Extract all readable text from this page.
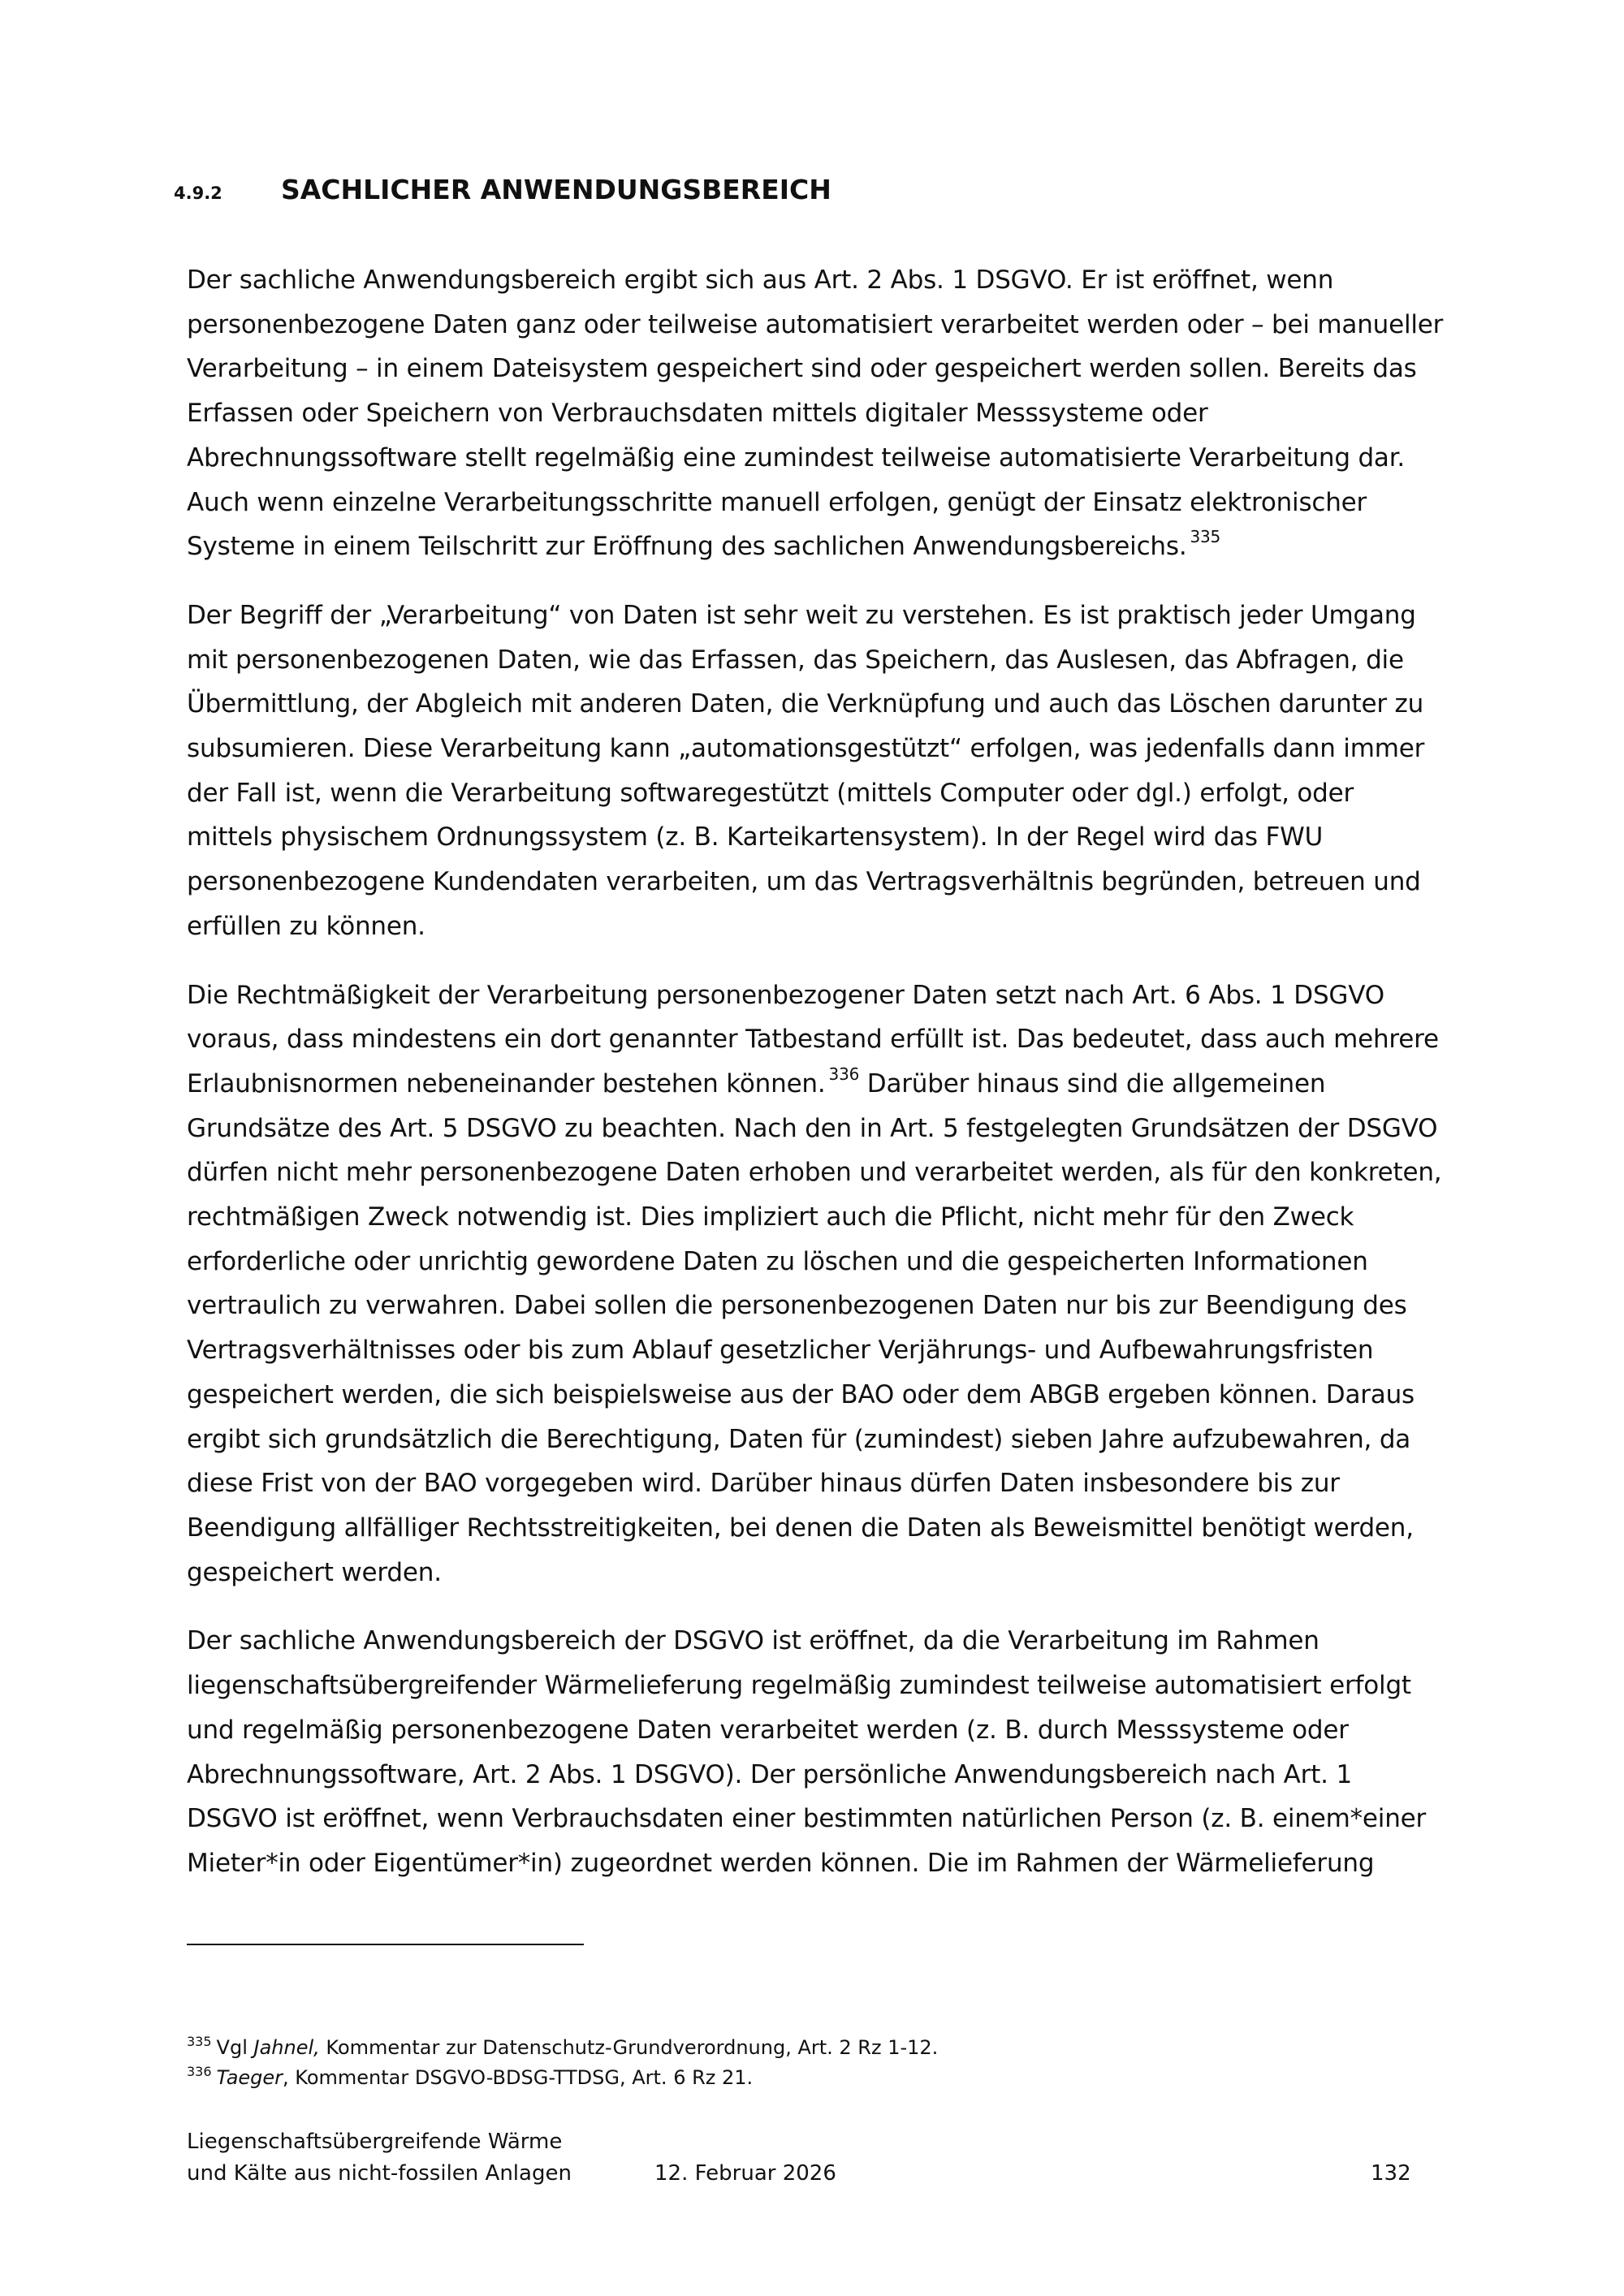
4.9.2 SACHLICHER ANWENDUNGSBEREICH

Der sachliche Anwendungsbereich ergibt sich aus Art. 2 Abs. 1 DSGVO. Er ist eröffnet, wenn
personenbezogene Daten ganz oder teilweise automatisiert verarbeitet werden oder – bei manueller
Verarbeitung – in einem Dateisystem gespeichert sind oder gespeichert werden sollen. Bereits das
Erfassen oder Speichern von Verbrauchsdaten mittels digitaler Messsysteme oder
Abrechnungssoftware stellt regelmäßig eine zumindest teilweise automatisierte Verarbeitung dar.
Auch wenn einzelne Verarbeitungsschritte manuell erfolgen, genügt der Einsatz elektronischer
Systeme in einem Teilschritt zur Eröffnung des sachlichen Anwendungsbereichs. $^{335}$

Der Begriff der „Verarbeitung“ von Daten ist sehr weit zu verstehen. Es ist praktisch jeder Umgang
mit personenbezogenen Daten, wie das Erfassen, das Speichern, das Auslesen, das Abfragen, die
Übermittlung, der Abgleich mit anderen Daten, die Verknüpfung und auch das Löschen darunter zu
subsumieren. Diese Verarbeitung kann „automationsgestützt“ erfolgen, was jedenfalls dann immer
der Fall ist, wenn die Verarbeitung softwaregestützt (mittels Computer oder dgl.) erfolgt, oder
mittels physischem Ordnungssystem (z. B. Karteikartensystem). In der Regel wird das FWU
personenbezogene Kundendaten verarbeiten, um das Vertragsverhältnis begründen, betreuen und
erfüllen zu können.

Die Rechtmäßigkeit der Verarbeitung personenbezogener Daten setzt nach Art. 6 Abs. 1 DSGVO
voraus, dass mindestens ein dort genannter Tatbestand erfüllt ist. Das bedeutet, dass auch mehrere
Erlaubnisnormen nebeneinander bestehen können. $^{336}$ Darüber hinaus sind die allgemeinen
Grundsätze des Art. 5 DSGVO zu beachten. Nach den in Art. 5 festgelegten Grundsätzen der DSGVO
dürfen nicht mehr personenbezogene Daten erhoben und verarbeitet werden, als für den konkreten,
rechtmäßigen Zweck notwendig ist. Dies impliziert auch die Pflicht, nicht mehr für den Zweck
erforderliche oder unrichtig gewordene Daten zu löschen und die gespeicherten Informationen
vertraulich zu verwahren. Dabei sollen die personenbezogenen Daten nur bis zur Beendigung des
Vertragsverhältnisses oder bis zum Ablauf gesetzlicher Verjährungs- und Aufbewahrungsfristen
gespeichert werden, die sich beispielsweise aus der BAO oder dem ABGB ergeben können. Daraus
ergibt sich grundsätzlich die Berechtigung, Daten für (zumindest) sieben Jahre aufzubewahren, da
diese Frist von der BAO vorgegeben wird. Darüber hinaus dürfen Daten insbesondere bis zur
Beendigung allfälliger Rechtsstreitigkeiten, bei denen die Daten als Beweismittel benötigt werden,
gespeichert werden.

Der sachliche Anwendungsbereich der DSGVO ist eröffnet, da die Verarbeitung im Rahmen
liegenschaftsübergreifender Wärmelieferung regelmäßig zumindest teilweise automatisiert erfolgt
und regelmäßig personenbezogene Daten verarbeitet werden (z. B. durch Messsysteme oder
Abrechnungssoftware, Art. 2 Abs. 1 DSGVO). Der persönliche Anwendungsbereich nach Art. 1
DSGVO ist eröffnet, wenn Verbrauchsdaten einer bestimmten natürlichen Person (z. B. einem*einer
Mieter*in oder Eigentümer*in) zugeordnet werden können. Die im Rahmen der Wärmelieferung

$^{335}$ Vgl Jahnel, Kommentar zur Datenschutz-Grundverordnung, Art. 2 Rz 1-12.
$^{336}$ Taeger, Kommentar DSGVO-BDSG-TTDSG, Art. 6 Rz 21.
Liegenschaftsübergreifende Wärme
und Kälte aus nicht-fossilen Anlagen	12. Februar 2026	132
